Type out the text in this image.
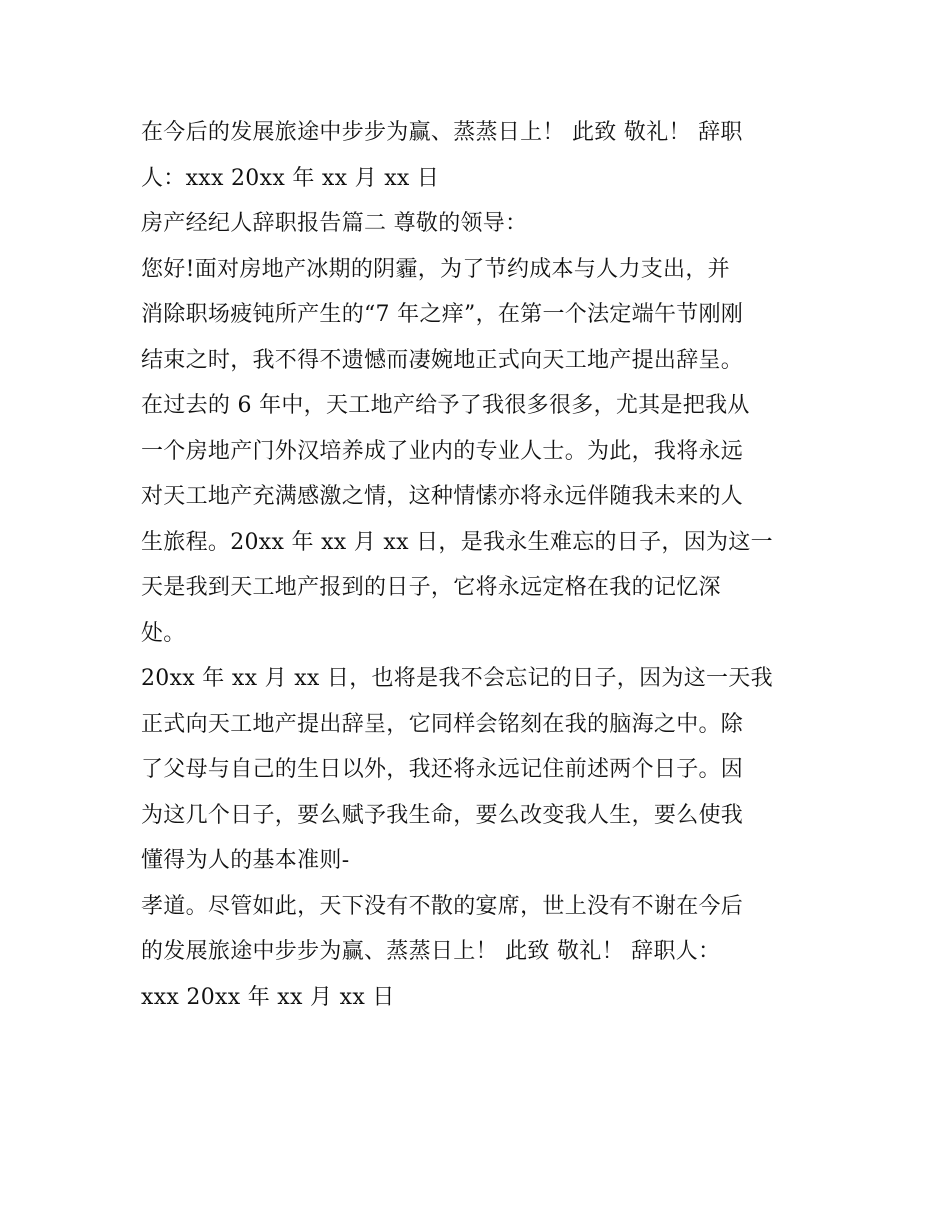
在今后的发展旅途中步步为赢、蒸蒸日上！ 此致 敬礼！ 辞职
人：xxx 20xx 年 xx 月 xx 日
房产经纪人辞职报告篇二 尊敬的领导：
您好!面对房地产冰期的阴霾，为了节约成本与人力支出，并
消除职场疲钝所产生的“7 年之痒”，在第一个法定端午节刚刚
结束之时，我不得不遗憾而凄婉地正式向天工地产提出辞呈。
在过去的 6 年中，天工地产给予了我很多很多，尤其是把我从
一个房地产门外汉培养成了业内的专业人士。为此，我将永远
对天工地产充满感激之情，这种情愫亦将永远伴随我未来的人
生旅程。20xx 年 xx 月 xx 日，是我永生难忘的日子，因为这一
天是我到天工地产报到的日子，它将永远定格在我的记忆深
处。
20xx 年 xx 月 xx 日，也将是我不会忘记的日子，因为这一天我
正式向天工地产提出辞呈，它同样会铭刻在我的脑海之中。除
了父母与自己的生日以外，我还将永远记住前述两个日子。因
为这几个日子，要么赋予我生命，要么改变我人生，要么使我
懂得为人的基本准则-
孝道。尽管如此，天下没有不散的宴席，世上没有不谢在今后
的发展旅途中步步为赢、蒸蒸日上！ 此致 敬礼！ 辞职人：
xxx 20xx 年 xx 月 xx 日
